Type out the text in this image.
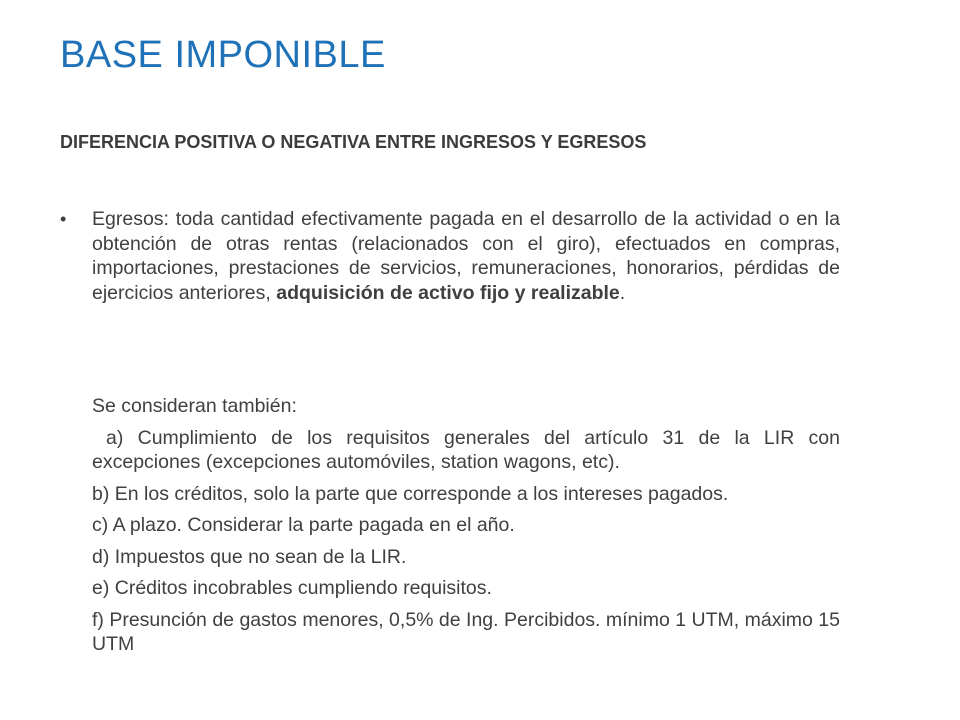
BASE IMPONIBLE
DIFERENCIA POSITIVA O NEGATIVA ENTRE INGRESOS Y EGRESOS
• Egresos: toda cantidad efectivamente pagada en el desarrollo de la actividad o en la obtención de otras rentas (relacionados con el giro), efectuados en compras, importaciones, prestaciones de servicios, remuneraciones, honorarios, pérdidas de ejercicios anteriores, adquisición de activo fijo y realizable.

Se consideran también:

a) Cumplimiento de los requisitos generales del artículo 31 de la LIR con excepciones (excepciones automóviles, station wagons, etc).

b) En los créditos, solo la parte que corresponde a los intereses pagados.

c) A plazo. Considerar la parte pagada en el año.

d) Impuestos que no sean de la LIR.

e) Créditos incobrables cumpliendo requisitos.

f) Presunción de gastos menores, 0,5% de Ing. Percibidos. mínimo 1 UTM, máximo 15 UTM
